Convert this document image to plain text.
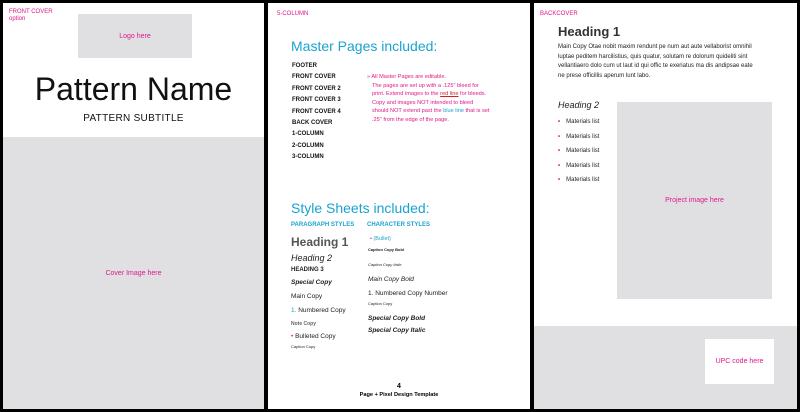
FRONT COVER
option
Logo here
Pattern Name
PATTERN SUBTITLE
Cover Image here
5-COLUMN
Master Pages included:
FOOTER
FRONT COVER
FRONT COVER 2
FRONT COVER 3
FRONT COVER 4
BACK COVER
1-COLUMN
2-COLUMN
3-COLUMN
» All Master Pages are editable.
The pages are set up with a .125" bleed for print. Extend images to the red line for bleeds. Copy and images NOT intended to bleed should NOT extend past the blue line that is set .25" from the edge of the page.
Style Sheets included:
PARAGRAPH STYLES CHARACTER STYLES
Heading 1
Heading 2
HEADING 3
Special Copy
Main Copy
1. Numbered Copy
Note Copy
• Bulleted Copy
Caption Copy
• (Bullet)
Caption Copy Bold
Caption Copy Italic
Main Copy Bold
1. Numbered Copy Number
Caption Copy
Special Copy Bold
Special Copy Italic
4
Page + Pixel Design Template
BACKCOVER
Heading 1
Main Copy Otae nobit maxim rendunt pe num aut aute vellaborist omnihil luptae peditem harcilistius, quis quatur, solutam re dolorum quideliti sint vellantiaero dolo cum ut laut id qui offic te exeriatus ma dis andipsae eate ne prese officillis aperum lunt labo.
Heading 2
• Materials list
• Materials list
• Materials list
• Materials list
• Materials list
Project image here
UPC code here
